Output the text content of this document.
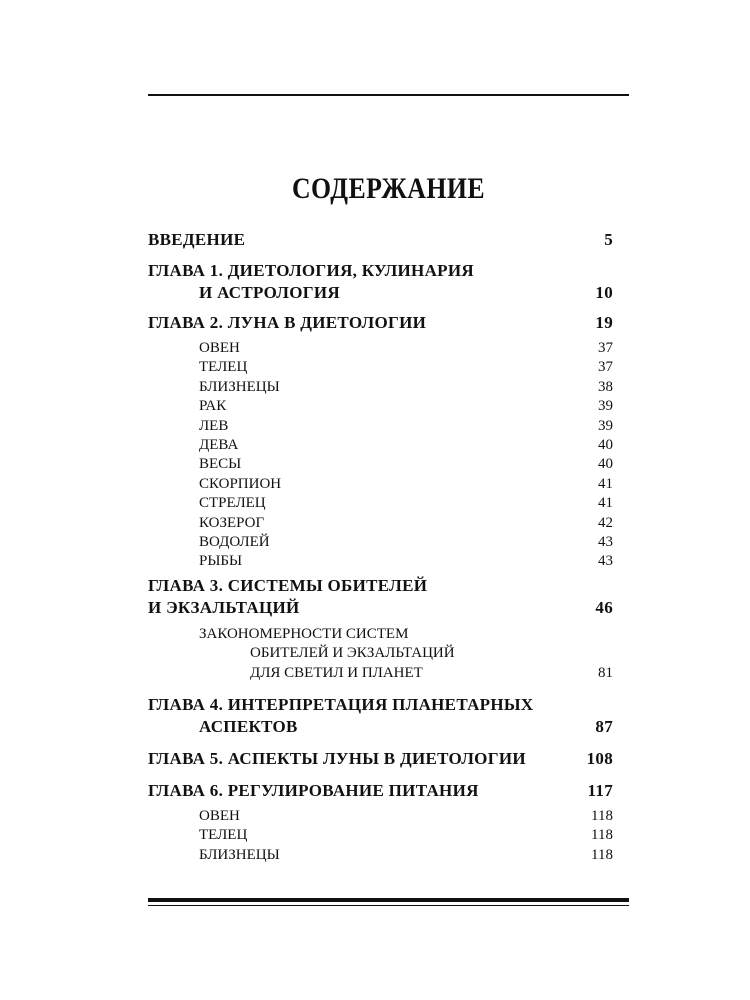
СОДЕРЖАНИЕ
ВВЕДЕНИЕ	5
ГЛАВА 1. ДИЕТОЛОГИЯ, КУЛИНАРИЯ
И АСТРОЛОГИЯ	10
ГЛАВА 2. ЛУНА В ДИЕТОЛОГИИ	19
ОВЕН	37
ТЕЛЕЦ	37
БЛИЗНЕЦЫ	38
РАК	39
ЛЕВ	39
ДЕВА	40
ВЕСЫ	40
СКОРПИОН	41
СТРЕЛЕЦ	41
КОЗЕРОГ	42
ВОДОЛЕЙ	43
РЫБЫ	43
ГЛАВА 3. СИСТЕМЫ ОБИТЕЛЕЙ
И ЭКЗАЛЬТАЦИЙ	46
ЗАКОНОМЕРНОСТИ СИСТЕМ
ОБИТЕЛЕЙ И ЭКЗАЛЬТАЦИЙ
ДЛЯ СВЕТИЛ И ПЛАНЕТ	81
ГЛАВА 4. ИНТЕРПРЕТАЦИЯ ПЛАНЕТАРНЫХ
АСПЕКТОВ	87
ГЛАВА 5. АСПЕКТЫ ЛУНЫ В ДИЕТОЛОГИИ	108
ГЛАВА 6. РЕГУЛИРОВАНИЕ ПИТАНИЯ	117
ОВЕН	118
ТЕЛЕЦ	118
БЛИЗНЕЦЫ	118
